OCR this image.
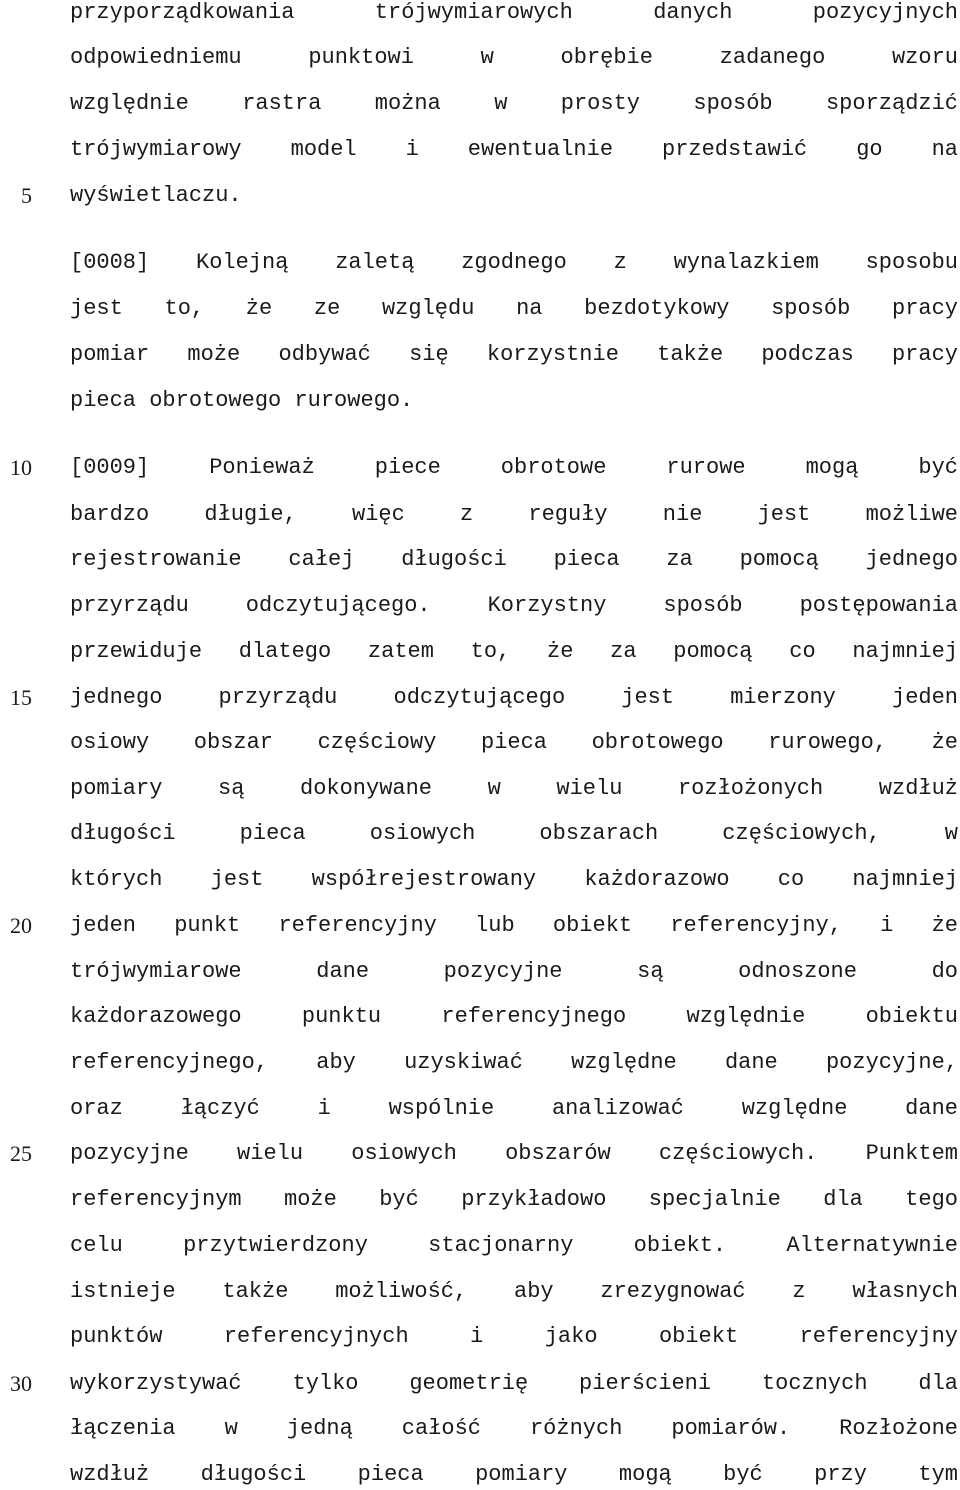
5
10
15
20
25
30
przyporządkowania trójwymiarowych danych pozycyjnych
odpowiedniemu punktowi w obrębie zadanego wzoru
względnie rastra można w prosty sposób sporządzić
trójwymiarowy model i ewentualnie przedstawić go na
wyświetlaczu.
[0008] Kolejną zaletą zgodnego z wynalazkiem sposobu
jest to, że ze względu na bezdotykowy sposób pracy
pomiar może odbywać się korzystnie także podczas pracy
pieca obrotowego rurowego.
[0009] Ponieważ piece obrotowe rurowe mogą być
bardzo długie, więc z reguły nie jest możliwe
rejestrowanie całej długości pieca za pomocą jednego
przyrządu odczytującego. Korzystny sposób postępowania
przewiduje dlatego zatem to, że za pomocą co najmniej
jednego przyrządu odczytującego jest mierzony jeden
osiowy obszar częściowy pieca obrotowego rurowego, że
pomiary są dokonywane w wielu rozłożonych wzdłuż
długości pieca osiowych obszarach częściowych, w
których jest współrejestrowany każdorazowo co najmniej
jeden punkt referencyjny lub obiekt referencyjny, i że
trójwymiarowe dane pozycyjne są odnoszone do
każdorazowego punktu referencyjnego względnie obiektu
referencyjnego, aby uzyskiwać względne dane pozycyjne,
oraz łączyć i wspólnie analizować względne dane
pozycyjne wielu osiowych obszarów częściowych. Punktem
referencyjnym może być przykładowo specjalnie dla tego
celu przytwierdzony stacjonarny obiekt. Alternatywnie
istnieje także możliwość, aby zrezygnować z własnych
punktów referencyjnych i jako obiekt referencyjny
wykorzystywać tylko geometrię pierścieni tocznych dla
łączenia w jedną całość różnych pomiarów. Rozłożone
wzdłuż długości pieca pomiary mogą być przy tym
